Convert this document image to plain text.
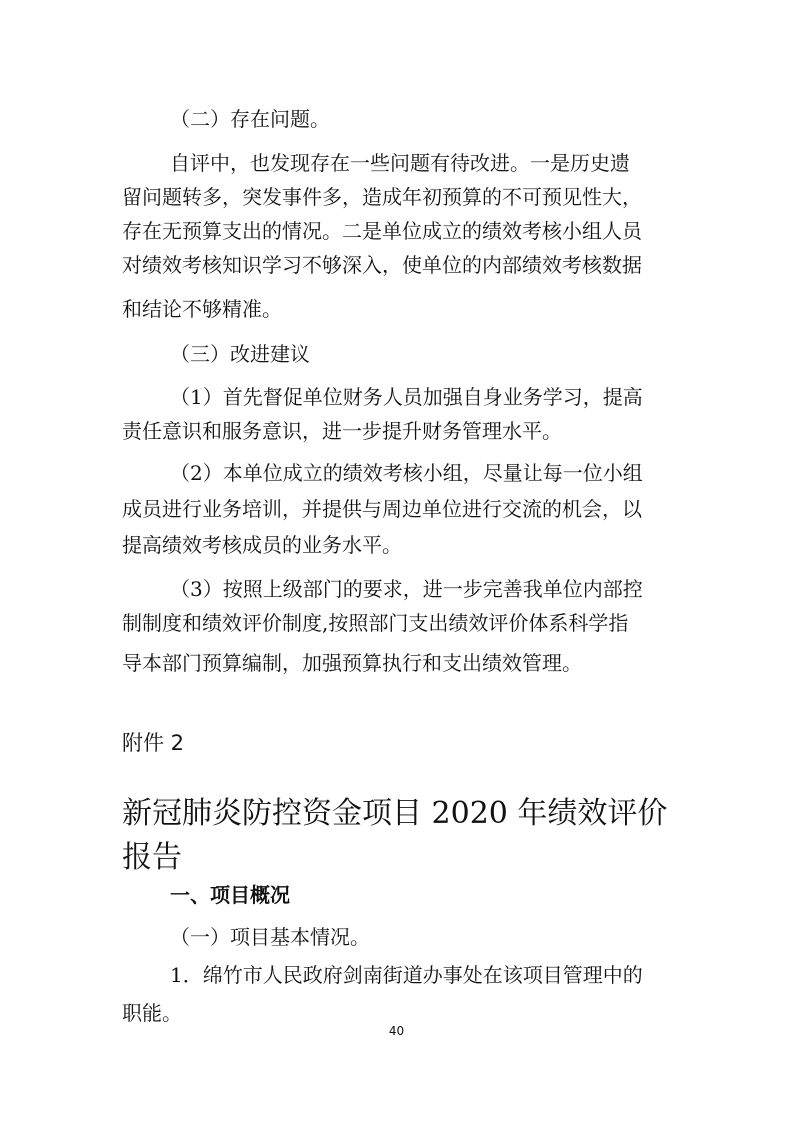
（二）存在问题。
自评中，也发现存在一些问题有待改进。一是历史遗
留问题转多，突发事件多，造成年初预算的不可预见性大，
存在无预算支出的情况。二是单位成立的绩效考核小组人员
对绩效考核知识学习不够深入，使单位的内部绩效考核数据
和结论不够精准。
（三）改进建议
（1）首先督促单位财务人员加强自身业务学习，提高
责任意识和服务意识，进一步提升财务管理水平。
（2）本单位成立的绩效考核小组，尽量让每一位小组
成员进行业务培训，并提供与周边单位进行交流的机会，以
提高绩效考核成员的业务水平。
（3）按照上级部门的要求，进一步完善我单位内部控
制制度和绩效评价制度,按照部门支出绩效评价体系科学指
导本部门预算编制，加强预算执行和支出绩效管理。
附件 2
新冠肺炎防控资金项目 2020 年绩效评价报告
一、项目概况
（一）项目基本情况。
1．绵竹市人民政府剑南街道办事处在该项目管理中的
职能。
40
